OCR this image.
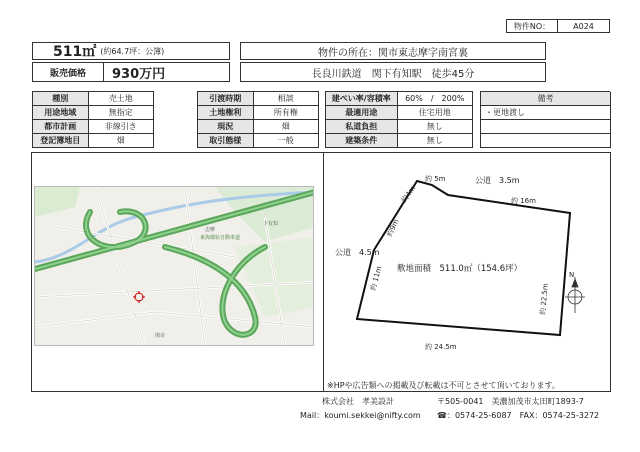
物件NO：	A024
511㎡ (約64.7坪：公簿)
販売価格	930万円
物件の所在：関市東志摩字南宮裏
長良川鉄道　関下有知駅　徒歩45分
種別	売土地
用途地域	無指定
都市計画	非線引き
登記簿地目	畑
引渡時期	相談
土地権利	所有権
現況	畑
取引態様	一般
建ぺい率/容積率	60%　/　200%
最適用途	住宅用地
私道負担	無し
建築条件	無し
備考
・更地渡し
東海環状自動車道
志摩
下有知
関市
N
公道　3.5m
公道　4.5m
敷地面積　511.0㎡（154.6坪）
約 5m
約4m
約9m
約 16m
約 11m
約 22.5m
約 24.5m
※HPや広告類への掲載及び転載は不可とさせて頂いております。
株式会社　孝美設計	〒505-0041　美濃加茂市太田町1893-7
Mail：koumi.sekkei@nifty.com ☎：0574-25-6087　FAX：0574-25-3272
